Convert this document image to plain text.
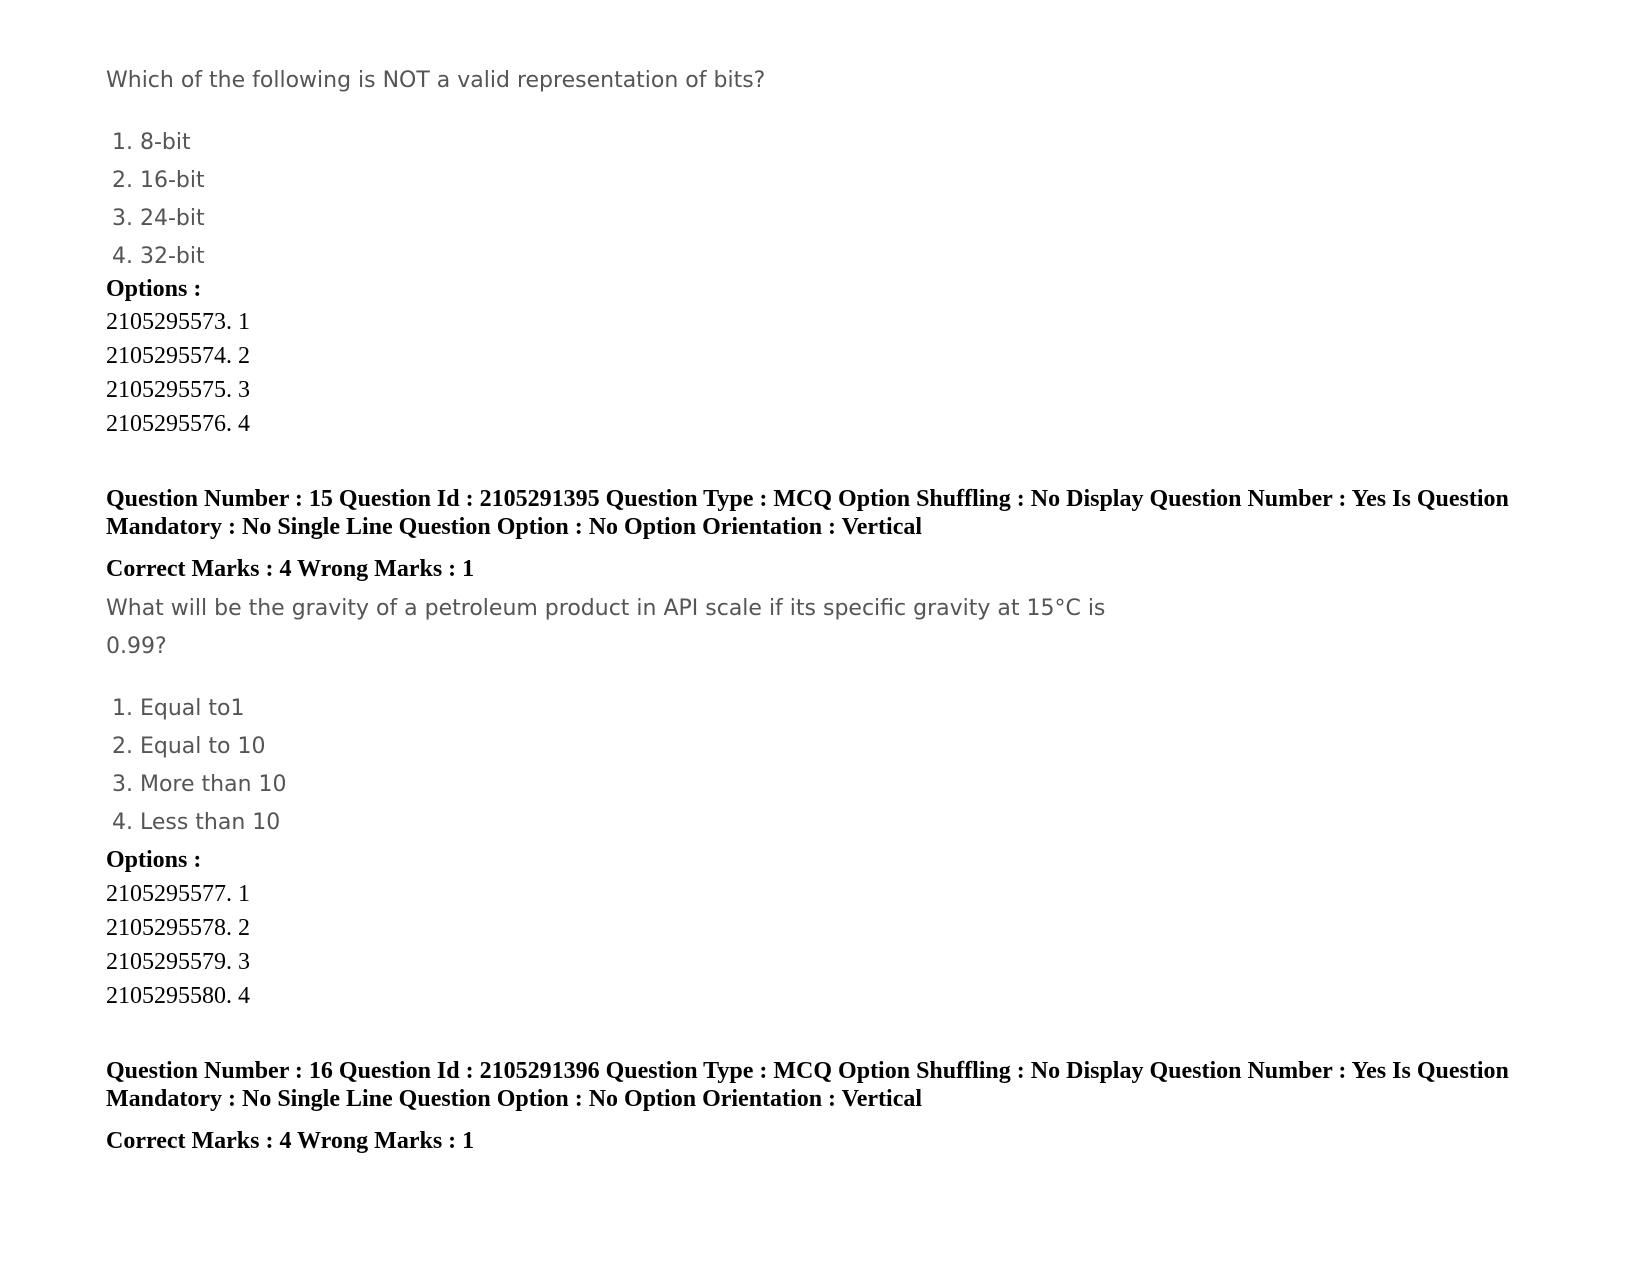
Which of the following is NOT a valid representation of bits?

1. 8-bit
2. 16-bit
3. 24-bit
4. 32-bit

Options :

2105295573. 1
2105295574. 2
2105295575. 3
2105295576. 4

Question Number : 15 Question Id : 2105291395 Question Type : MCQ Option Shuffling : No Display Question Number : Yes Is Question Mandatory : No Single Line Question Option : No Option Orientation : Vertical

Correct Marks : 4 Wrong Marks : 1

What will be the gravity of a petroleum product in API scale if its specific gravity at 15°C is

0.99?

1. Equal to1
2. Equal to 10
3. More than 10
4. Less than 10

Options :

2105295577. 1
2105295578. 2
2105295579. 3
2105295580. 4

Question Number : 16 Question Id : 2105291396 Question Type : MCQ Option Shuffling : No Display Question Number : Yes Is Question Mandatory : No Single Line Question Option : No Option Orientation : Vertical

Correct Marks : 4 Wrong Marks : 1
